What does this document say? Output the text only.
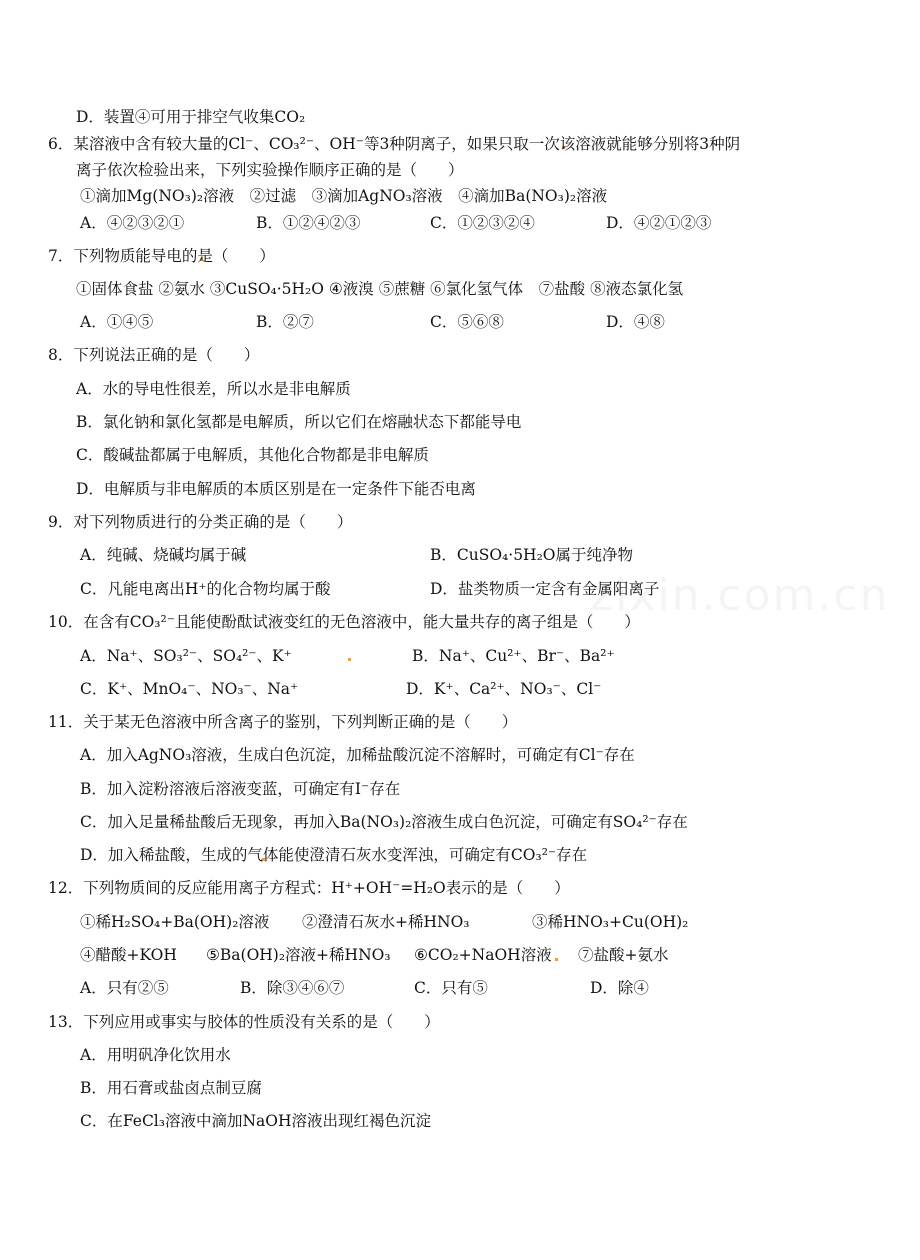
D．装置④可用于排空气收集CO₂
6．某溶液中含有较大量的Cl⁻、CO₃²⁻、OH⁻等3种阴离子，如果只取一次该溶液就能够分别将3种阴
离子依次检验出来，下列实验操作顺序正确的是（　　）
①滴加Mg(NO₃)₂溶液　②过滤　③滴加AgNO₃溶液　④滴加Ba(NO₃)₂溶液
A．④②③②①	B．①②④②③	C．①②③②④	D．④②①②③
7．下列物质能导电的是（　　）
①固体食盐 ②氨水 ③CuSO₄·5H₂O ④液溴 ⑤蔗糖 ⑥氯化氢气体　⑦盐酸 ⑧液态氯化氢
A．①④⑤	B．②⑦	C．⑤⑥⑧	D．④⑧
8．下列说法正确的是（　　）
A．水的导电性很差，所以水是非电解质
B．氯化钠和氯化氢都是电解质，所以它们在熔融状态下都能导电
C．酸碱盐都属于电解质，其他化合物都是非电解质
D．电解质与非电解质的本质区别是在一定条件下能否电离
9．对下列物质进行的分类正确的是（　　）
A．纯碱、烧碱均属于碱	B．CuSO₄·5H₂O属于纯净物
C．凡能电离出H⁺的化合物均属于酸	D．盐类物质一定含有金属阳离子
10．在含有CO₃²⁻且能使酚酞试液变红的无色溶液中，能大量共存的离子组是（　　）
A．Na⁺、SO₃²⁻、SO₄²⁻、K⁺	B．Na⁺、Cu²⁺、Br⁻、Ba²⁺
C．K⁺、MnO₄⁻、NO₃⁻、Na⁺	D．K⁺、Ca²⁺、NO₃⁻、Cl⁻
11．关于某无色溶液中所含离子的鉴别，下列判断正确的是（　　）
A．加入AgNO₃溶液，生成白色沉淀，加稀盐酸沉淀不溶解时，可确定有Cl⁻存在
B．加入淀粉溶液后溶液变蓝，可确定有I⁻存在
C．加入足量稀盐酸后无现象，再加入Ba(NO₃)₂溶液生成白色沉淀，可确定有SO₄²⁻存在
D．加入稀盐酸，生成的气体能使澄清石灰水变浑浊，可确定有CO₃²⁻存在
12．下列物质间的反应能用离子方程式：H⁺+OH⁻=H₂O表示的是（　　）
①稀H₂SO₄+Ba(OH)₂溶液 ②澄清石灰水+稀HNO₃	③稀HNO₃+Cu(OH)₂
④醋酸+KOH ⑤Ba(OH)₂溶液+稀HNO₃ ⑥CO₂+NaOH溶液 ⑦盐酸+氨水
A．只有②⑤	B．除③④⑥⑦	C．只有⑤	D．除④
13．下列应用或事实与胶体的性质没有关系的是（　　）
A．用明矾净化饮用水
B．用石膏或盐卤点制豆腐
C．在FeCl₃溶液中滴加NaOH溶液出现红褐色沉淀
